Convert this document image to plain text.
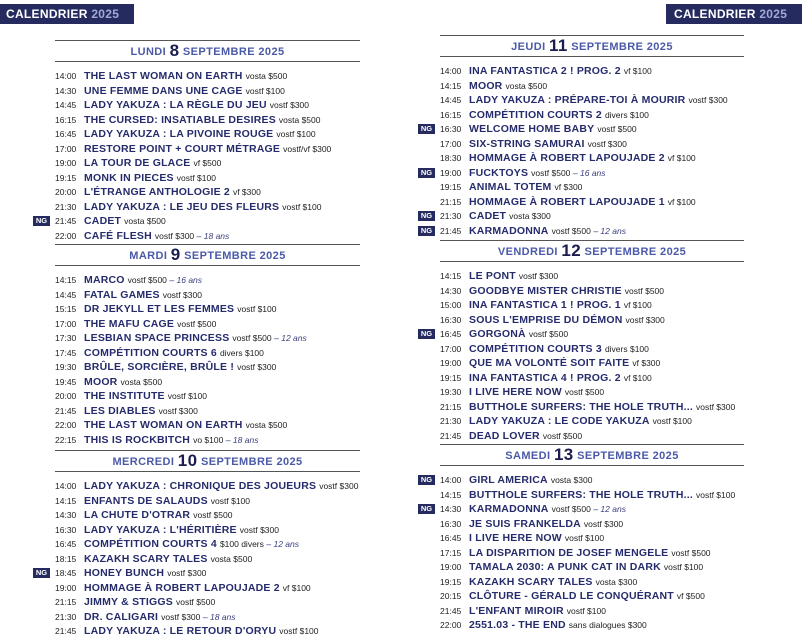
CALENDRIER 2025	CALENDRIER 2025
LUNDI 8 SEPTEMBRE 2025
14:00 THE LAST WOMAN ON EARTH vosta $500
14:30 UNE FEMME DANS UNE CAGE vostf $100
14:45 LADY YAKUZA : LA RÈGLE DU JEU vostf $300
16:15 THE CURSED: INSATIABLE DESIRES vosta $500
16:45 LADY YAKUZA : LA PIVOINE ROUGE vostf $100
17:00 RESTORE POINT + COURT MÉTRAGE vostf/vf $300
19:00 LA TOUR DE GLACE vf $500
19:15 MONK IN PIECES vostf $100
20:00 L'ÉTRANGE ANTHOLOGIE 2 vf $300
21:30 LADY YAKUZA : LE JEU DES FLEURS vostf $100
NG 21:45 CADET vosta $500
22:00 CAFÉ FLESH vostf $300 – 18 ans
MARDI 9 SEPTEMBRE 2025
14:15 MARCO vostf $500 – 16 ans
14:45 FATAL GAMES vostf $300
15:15 DR JEKYLL ET LES FEMMES vostf $100
17:00 THE MAFU CAGE vostf $500
17:30 LESBIAN SPACE PRINCESS vostf $500 – 12 ans
17:45 COMPÉTITION COURTS 6 divers $100
19:30 BRÛLE, SORCIÈRE, BRÛLE ! vostf $300
19:45 MOOR vosta $500
20:00 THE INSTITUTE vostf $100
21:45 LES DIABLES vostf $300
22:00 THE LAST WOMAN ON EARTH vosta $500
22:15 THIS IS ROCKBITCH vo $100 – 18 ans
MERCREDI 10 SEPTEMBRE 2025
14:00 LADY YAKUZA : CHRONIQUE DES JOUEURS vostf $300
14:15 ENFANTS DE SALAUDS vostf $100
14:30 LA CHUTE D'OTRAR vostf $500
16:30 LADY YAKUZA : L'HÉRITIÈRE vostf $300
16:45 COMPÉTITION COURTS 4 $100 divers – 12 ans
18:15 KAZAKH SCARY TALES vosta $500
NG 18:45 HONEY BUNCH vostf $300
19:00 HOMMAGE À ROBERT LAPOUJADE 2 vf $100
21:15 JIMMY & STIGGS vostf $500
21:30 DR. CALIGARI vostf $300 – 18 ans
21:45 LADY YAKUZA : LE RETOUR D'ORYU vostf $100
JEUDI 11 SEPTEMBRE 2025
14:00 INA FANTASTICA 2 ! PROG. 2 vf $100
14:15 MOOR vosta $500
14:45 LADY YAKUZA : PRÉPARE-TOI À MOURIR vostf $300
16:15 COMPÉTITION COURTS 2 divers $100
NG 16:30 WELCOME HOME BABY vostf $500
17:00 SIX-STRING SAMURAI vostf $300
18:30 HOMMAGE À ROBERT LAPOUJADE 2 vf $100
NG 19:00 FUCKTOYS vostf $500 – 16 ans
19:15 ANIMAL TOTEM vf $300
21:15 HOMMAGE À ROBERT LAPOUJADE 1 vf $100
NG 21:30 CADET vosta $300
NG 21:45 KARMADONNA vostf $500 – 12 ans
VENDREDI 12 SEPTEMBRE 2025
14:15 LE PONT vostf $300
14:30 GOODBYE MISTER CHRISTIE vostf $500
15:00 INA FANTASTICA 1 ! PROG. 1 vf $100
16:30 SOUS L'EMPRISE DU DÉMON vostf $300
NG 16:45 GORGONÀ vostf $500
17:00 COMPÉTITION COURTS 3 divers $100
19:00 QUE MA VOLONTÉ SOIT FAITE vf $300
19:15 INA FANTASTICA 4 ! PROG. 2 vf $100
19:30 I LIVE HERE NOW vostf $500
21:15 BUTTHOLE SURFERS: THE HOLE TRUTH... vostf $300
21:30 LADY YAKUZA : LE CODE YAKUZA vostf $100
21:45 DEAD LOVER vostf $500
SAMEDI 13 SEPTEMBRE 2025
NG 14:00 GIRL AMERICA vosta $300
14:15 BUTTHOLE SURFERS: THE HOLE TRUTH... vostf $100
NG 14:30 KARMADONNA vostf $500 – 12 ans
16:30 JE SUIS FRANKELDA vostf $300
16:45 I LIVE HERE NOW vostf $100
17:15 LA DISPARITION DE JOSEF MENGELE vostf $500
19:00 TAMALA 2030: A PUNK CAT IN DARK vostf $100
19:15 KAZAKH SCARY TALES vosta $300
20:15 CLÔTURE - GÉRALD LE CONQUÉRANT vf $500
21:45 L'ENFANT MIROIR vostf $100
22:00 2551.03 - THE END sans dialogues $300
